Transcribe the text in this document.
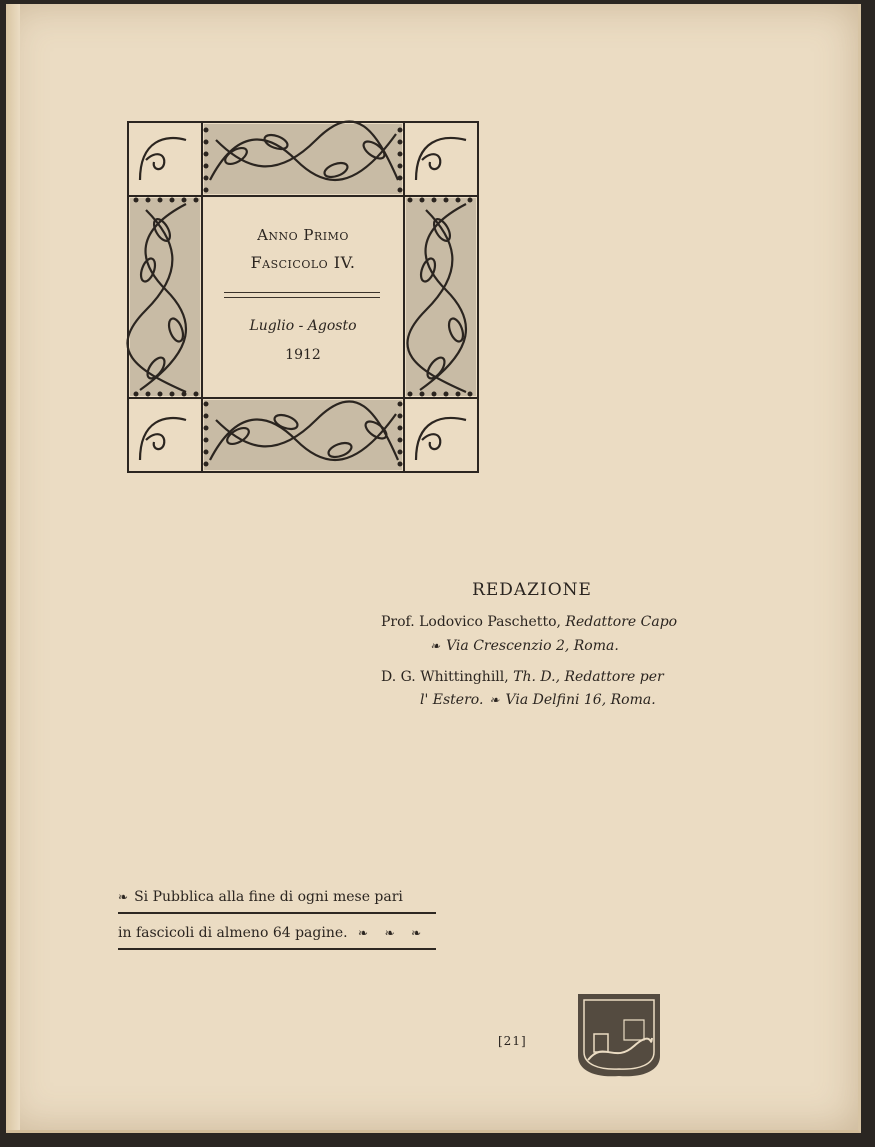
Anno Primo
Fascicolo IV.
Luglio - Agosto
1912
REDAZIONE
Prof. Lodovico Paschetto, Redattore Capo
❧ Via Crescenzio 2, Roma.
D. G. Whittinghill, Th. D., Redattore per
l' Estero. ❧ Via Delfini 16, Roma.
❧ Si Pubblica alla fine di ogni mese pari
in fascicoli di almeno 64 pagine. ❧ ❧ ❧
[21]
